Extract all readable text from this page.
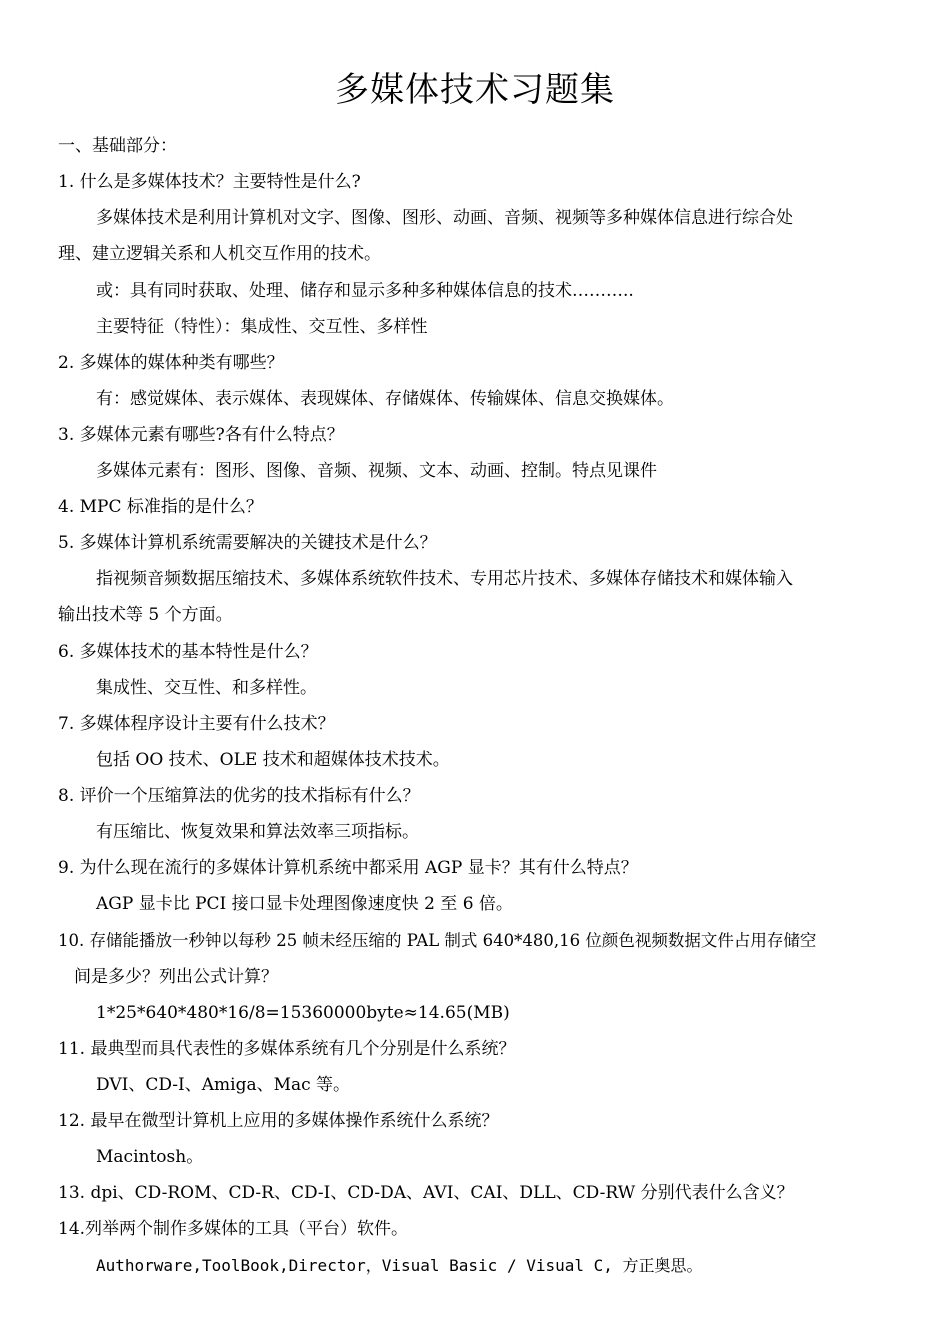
多媒体技术习题集
一、基础部分：
1. 什么是多媒体技术？主要特性是什么?
多媒体技术是利用计算机对文字、图像、图形、动画、音频、视频等多种媒体信息进行综合处
理、建立逻辑关系和人机交互作用的技术。
或：具有同时获取、处理、储存和显示多种多种媒体信息的技术………..
主要特征（特性）：集成性、交互性、多样性
2. 多媒体的媒体种类有哪些？
有：感觉媒体、表示媒体、表现媒体、存储媒体、传输媒体、信息交换媒体。
3. 多媒体元素有哪些?各有什么特点？
多媒体元素有：图形、图像、音频、视频、文本、动画、控制。特点见课件
4. MPC 标准指的是什么？
5. 多媒体计算机系统需要解决的关键技术是什么？
指视频音频数据压缩技术、多媒体系统软件技术、专用芯片技术、多媒体存储技术和媒体输入
输出技术等 5 个方面。
6. 多媒体技术的基本特性是什么？
集成性、交互性、和多样性。
7. 多媒体程序设计主要有什么技术？
包括 OO 技术、OLE 技术和超媒体技术技术。
8. 评价一个压缩算法的优劣的技术指标有什么？
有压缩比、恢复效果和算法效率三项指标。
9. 为什么现在流行的多媒体计算机系统中都采用 AGP 显卡？其有什么特点？
AGP 显卡比 PCI 接口显卡处理图像速度快 2 至 6 倍。
10. 存储能播放一秒钟以每秒 25 帧未经压缩的 PAL 制式 640*480,16 位颜色视频数据文件占用存储空
间是多少？列出公式计算？
1*25*640*480*16/8=15360000byte≈14.65(MB)
11. 最典型而具代表性的多媒体系统有几个分别是什么系统？
DVI、CD-I、Amiga、Mac 等。
12. 最早在微型计算机上应用的多媒体操作系统什么系统？
Macintosh。
13. dpi、CD-ROM、CD-R、CD-I、CD-DA、AVI、CAI、DLL、CD-RW 分别代表什么含义？
14.列举两个制作多媒体的工具（平台）软件。
Authorware,ToolBook,Director，Visual Basic / Visual C, 方正奥思。
